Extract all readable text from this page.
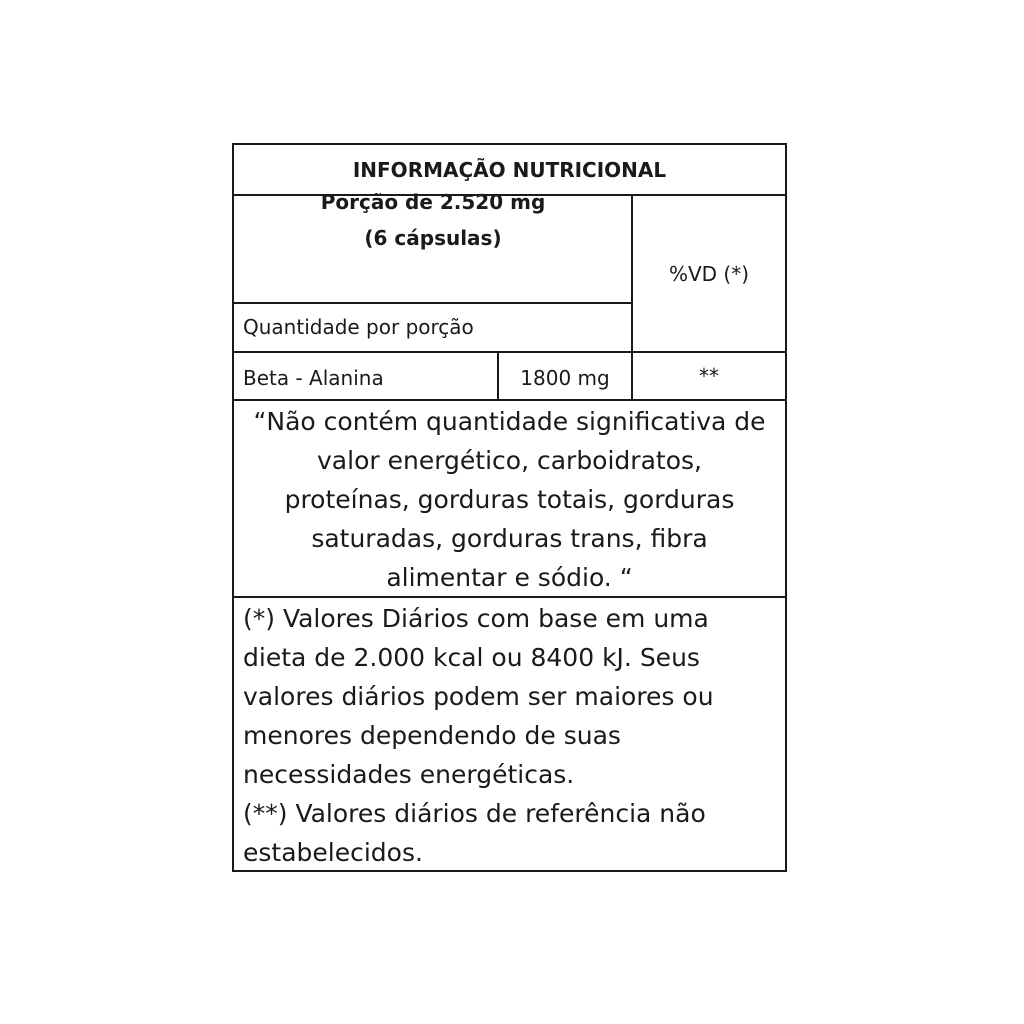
INFORMAÇÃO NUTRICIONAL
Porção de 2.520 mg
(6 cápsulas)
%VD (*)
Quantidade por porção
Beta - Alanina	1800 mg	**
“Não contém quantidade significativa de
valor energético, carboidratos,
proteínas, gorduras totais, gorduras
saturadas, gorduras trans, fibra
alimentar e sódio. “
(*) Valores Diários com base em uma
dieta de 2.000 kcal ou 8400 kJ. Seus
valores diários podem ser maiores ou
menores dependendo de suas
necessidades energéticas.
(**) Valores diários de referência não
estabelecidos.
